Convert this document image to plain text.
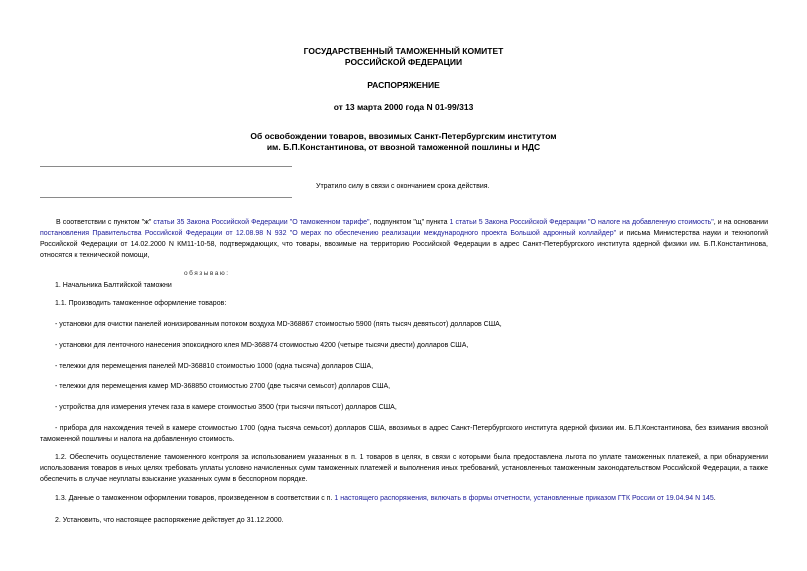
ГОСУДАРСТВЕННЫЙ ТАМОЖЕННЫЙ КОМИТЕТ
РОССИЙСКОЙ ФЕДЕРАЦИИ
РАСПОРЯЖЕНИЕ
от 13 марта 2000 года N 01-99/313
Об освобождении товаров, ввозимых Санкт-Петербургским институтом
им. Б.П.Константинова, от ввозной таможенной пошлины и НДС
Утратило силу в связи с окончанием срока действия.
В соответствии с пунктом "ж" статьи 35 Закона Российской Федерации "О таможенном тарифе", подпунктом "щ" пункта 1 статьи 5 Закона Российской Федерации "О налоге на добавленную стоимость", и на основании постановления Правительства Российской Федерации от 12.08.98 N 932 "О мерах по обеспечению реализации международного проекта Большой адронный коллайдер" и письма Министерства науки и технологий Российской Федерации от 14.02.2000 N КМ11-10-58, подтверждающих, что товары, ввозимые на территорию Российской Федерации в адрес Санкт-Петербургского института ядерной физики им. Б.П.Константинова, относятся к технической помощи,
обязываю:
1. Начальника Балтийской таможни
1.1. Производить таможенное оформление товаров:
- установки для очистки панелей ионизированным потоком воздуха MD-368867 стоимостью 5900 (пять тысяч девятьсот) долларов США,
- установки для ленточного нанесения эпоксидного клея MD-368874 стоимостью 4200 (четыре тысячи двести) долларов США,
- тележки для перемещения панелей MD-368810 стоимостью 1000 (одна тысяча) долларов США,
- тележки для перемещения камер MD-368850 стоимостью 2700 (две тысячи семьсот) долларов США,
- устройства для измерения утечек газа в камере стоимостью 3500 (три тысячи пятьсот) долларов США,
- прибора для нахождения течей в камере стоимостью 1700 (одна тысяча семьсот) долларов США, ввозимых в адрес Санкт-Петербургского института ядерной физики им. Б.П.Константинова, без взимания ввозной таможенной пошлины и налога на добавленную стоимость.
1.2. Обеспечить осуществление таможенного контроля за использованием указанных в п. 1 товаров в целях, в связи с которыми была предоставлена льгота по уплате таможенных платежей, а при обнаружении использования товаров в иных целях требовать уплаты условно начисленных сумм таможенных платежей и выполнения иных требований, установленных таможенным законодательством Российской Федерации, а также обеспечить в случае неуплаты взыскание указанных сумм в бесспорном порядке.
1.3. Данные о таможенном оформлении товаров, произведенном в соответствии с п. 1 настоящего распоряжения, включать в формы отчетности, установленные приказом ГТК России от 19.04.94 N 145.
2. Установить, что настоящее распоряжение действует до 31.12.2000.
